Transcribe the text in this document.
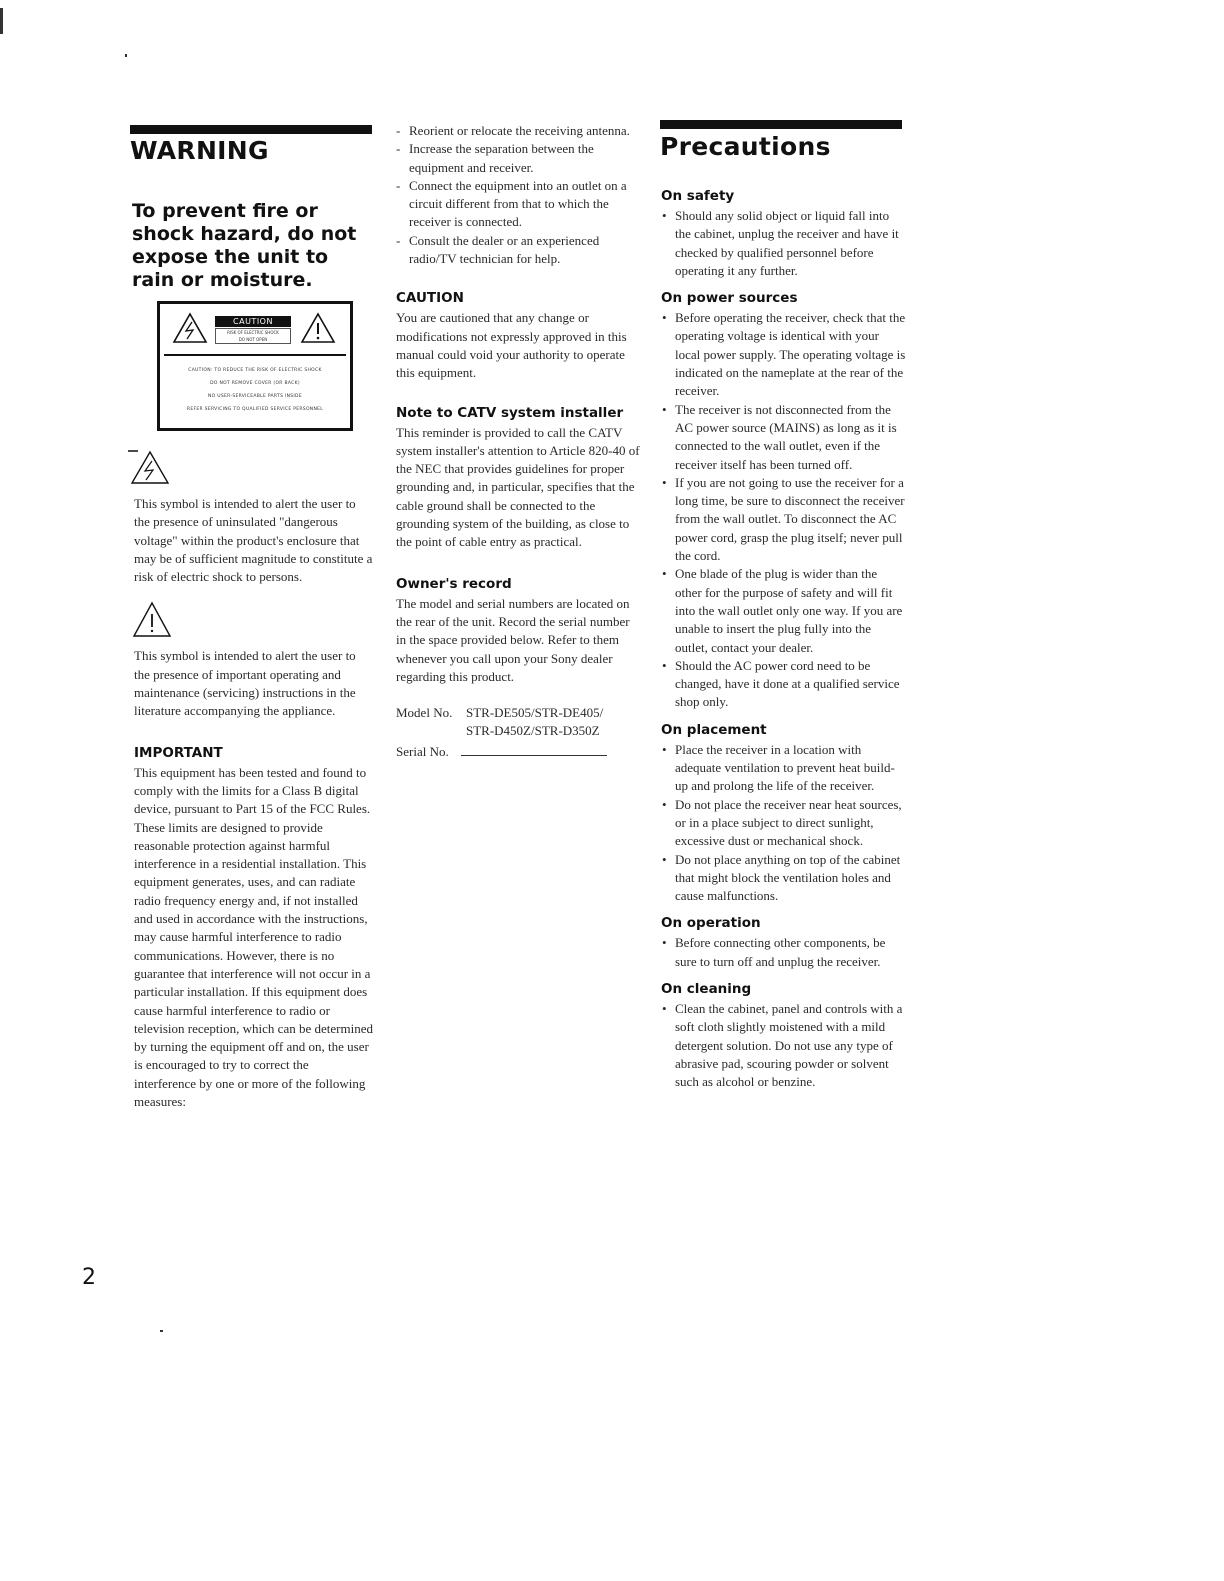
WARNING
To prevent fire or shock hazard, do not expose the unit to rain or moisture.
CAUTION
RISK OF ELECTRIC SHOCK
DO NOT OPEN
CAUTION: TO REDUCE THE RISK OF ELECTRIC SHOCK
DO NOT REMOVE COVER (OR BACK)
NO USER-SERVICEABLE PARTS INSIDE
REFER SERVICING TO QUALIFIED SERVICE PERSONNEL

This symbol is intended to alert the user to the presence of uninsulated "dangerous voltage" within the product's enclosure that may be of sufficient magnitude to constitute a risk of electric shock to persons.

This symbol is intended to alert the user to the presence of important operating and maintenance (servicing) instructions in the literature accompanying the appliance.

IMPORTANT

This equipment has been tested and found to comply with the limits for a Class B digital device, pursuant to Part 15 of the FCC Rules.

These limits are designed to provide reasonable protection against harmful interference in a residential installation. This equipment generates, uses, and can radiate radio frequency energy and, if not installed and used in accordance with the instructions, may cause harmful interference to radio communications. However, there is no guarantee that interference will not occur in a particular installation. If this equipment does cause harmful interference to radio or television reception, which can be determined by turning the equipment off and on, the user is encouraged to try to correct the interference by one or more of the following measures:

- Reorient or relocate the receiving antenna.
- Increase the separation between the equipment and receiver.
- Connect the equipment into an outlet on a circuit different from that to which the receiver is connected.
- Consult the dealer or an experienced radio/TV technician for help.
CAUTION

You are cautioned that any change or modifications not expressly approved in this manual could void your authority to operate this equipment.

Note to CATV system installer

This reminder is provided to call the CATV system installer's attention to Article 820-40 of the NEC that provides guidelines for proper grounding and, in particular, specifies that the cable ground shall be connected to the grounding system of the building, as close to the point of cable entry as practical.

Owner's record

The model and serial numbers are located on the rear of the unit. Record the serial number in the space provided below. Refer to them whenever you call upon your Sony dealer regarding this product.

Model No.	STR-DE505/STR-DE405/
STR-D450Z/STR-D350Z
Serial No.
Precautions
On safety
• Should any solid object or liquid fall into the cabinet, unplug the receiver and have it checked by qualified personnel before operating it any further.
On power sources
• Before operating the receiver, check that the operating voltage is identical with your local power supply. The operating voltage is indicated on the nameplate at the rear of the receiver.
• The receiver is not disconnected from the AC power source (MAINS) as long as it is connected to the wall outlet, even if the receiver itself has been turned off.
• If you are not going to use the receiver for a long time, be sure to disconnect the receiver from the wall outlet. To disconnect the AC power cord, grasp the plug itself; never pull the cord.
• One blade of the plug is wider than the other for the purpose of safety and will fit into the wall outlet only one way. If you are unable to insert the plug fully into the outlet, contact your dealer.
• Should the AC power cord need to be changed, have it done at a qualified service shop only.
On placement
• Place the receiver in a location with adequate ventilation to prevent heat build-up and prolong the life of the receiver.
• Do not place the receiver near heat sources, or in a place subject to direct sunlight, excessive dust or mechanical shock.
• Do not place anything on top of the cabinet that might block the ventilation holes and cause malfunctions.
On operation
• Before connecting other components, be sure to turn off and unplug the receiver.
On cleaning
• Clean the cabinet, panel and controls with a soft cloth slightly moistened with a mild detergent solution. Do not use any type of abrasive pad, scouring powder or solvent such as alcohol or benzine.
2
